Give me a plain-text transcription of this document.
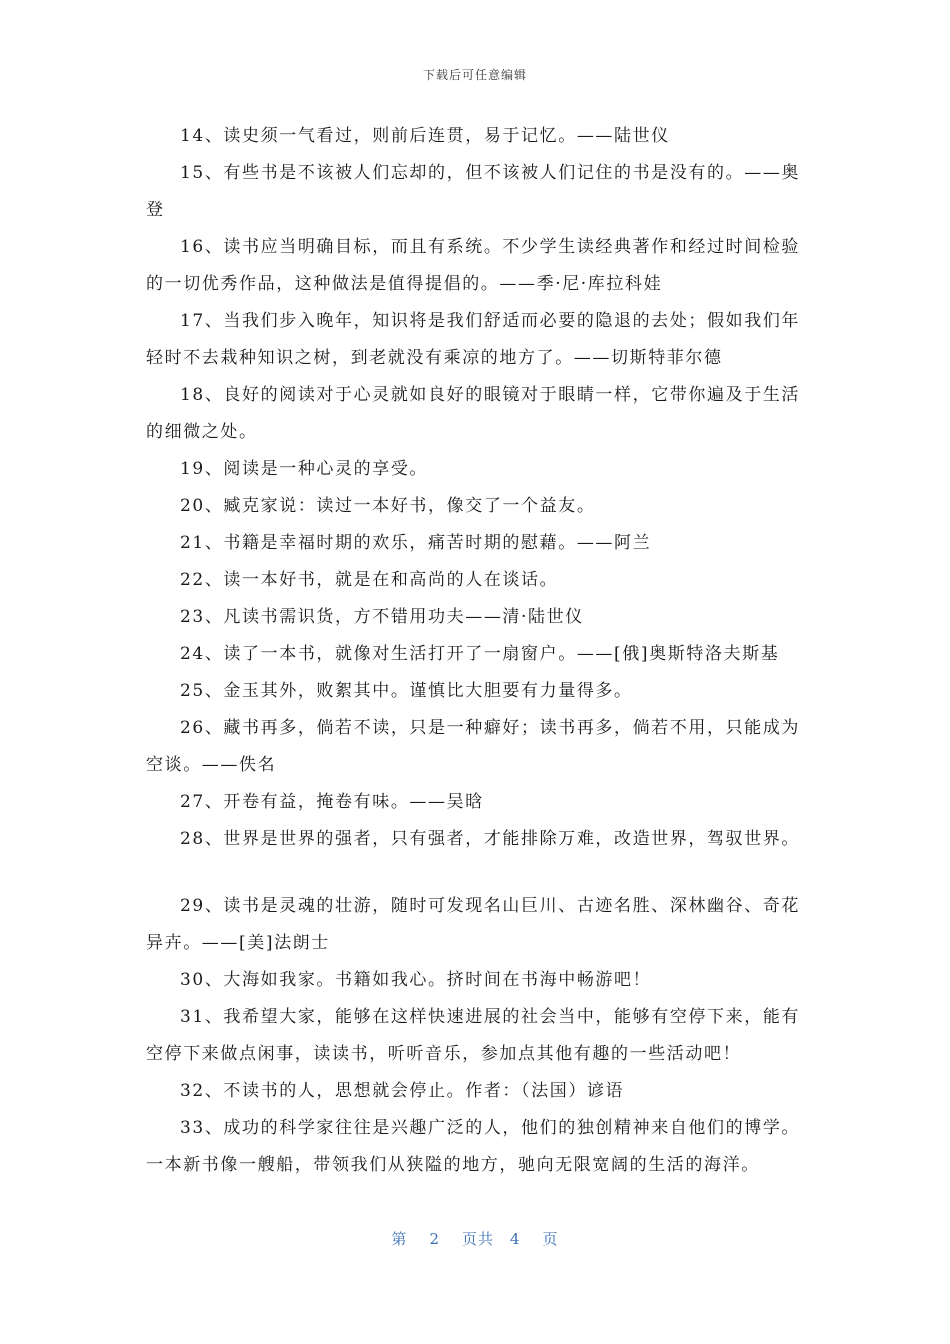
下载后可任意编辑

14、读史须一气看过，则前后连贯，易于记忆。——陆世仪

15、有些书是不该被人们忘却的，但不该被人们记住的书是没有的。——奥登

16、读书应当明确目标，而且有系统。不少学生读经典著作和经过时间检验的一切优秀作品，这种做法是值得提倡的。——季·尼·库拉科娃

17、当我们步入晚年，知识将是我们舒适而必要的隐退的去处；假如我们年轻时不去栽种知识之树，到老就没有乘凉的地方了。——切斯特菲尔德

18、良好的阅读对于心灵就如良好的眼镜对于眼睛一样，它带你遍及于生活的细微之处。

19、阅读是一种心灵的享受。

20、臧克家说：读过一本好书，像交了一个益友。

21、书籍是幸福时期的欢乐，痛苦时期的慰藉。——阿兰

22、读一本好书，就是在和高尚的人在谈话。

23、凡读书需识货，方不错用功夫——清·陆世仪

24、读了一本书，就像对生活打开了一扇窗户。——[俄]奥斯特洛夫斯基

25、金玉其外，败絮其中。谨慎比大胆要有力量得多。

26、藏书再多，倘若不读，只是一种癖好；读书再多，倘若不用，只能成为空谈。——佚名

27、开卷有益，掩卷有味。——吴晗

28、世界是世界的强者，只有强者，才能排除万难，改造世界，驾驭世界。

29、读书是灵魂的壮游，随时可发现名山巨川、古迹名胜、深林幽谷、奇花异卉。——[美]法朗士

30、大海如我家。书籍如我心。挤时间在书海中畅游吧！

31、我希望大家，能够在这样快速进展的社会当中，能够有空停下来，能有空停下来做点闲事，读读书，听听音乐，参加点其他有趣的一些活动吧！

32、不读书的人，思想就会停止。作者：（法国）谚语

33、成功的科学家往往是兴趣广泛的人，他们的独创精神来自他们的博学。一本新书像一艘船，带领我们从狭隘的地方，驰向无限宽阔的生活的海洋。

第 2 页共 4 页
